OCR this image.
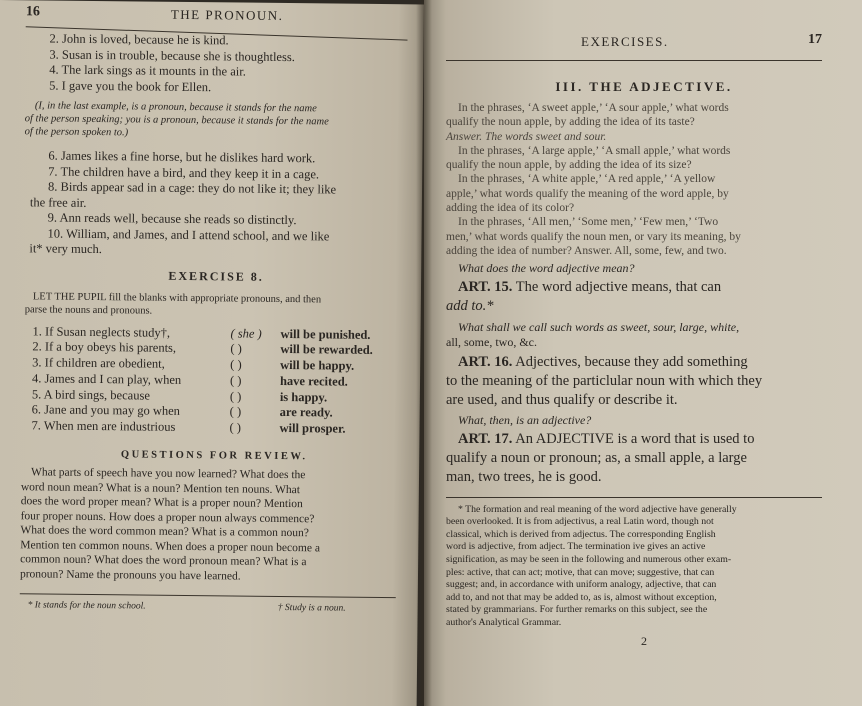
16	THE PRONOUN.
2. John is loved, because he is kind.
3. Susan is in trouble, because she is thoughtless.
4. The lark sings as it mounts in the air.
5. I gave you the book for Ellen.
(I, in the last example, is a pronoun, because it stands for the name
of the person speaking; you is a pronoun, because it stands for the name
of the person spoken to.)
6. James likes a fine horse, but he dislikes hard work.
7. The children have a bird, and they keep it in a cage.
8. Birds appear sad in a cage: they do not like it; they like
the free air.
9. Ann reads well, because she reads so distinctly.
10. William, and James, and I attend school, and we like
it* very much.
EXERCISE 8.
LET THE PUPIL fill the blanks with appropriate pronouns, and then
parse the nouns and pronouns.
1. If Susan neglects study†,	( she )	will be punished.
2. If a boy obeys his parents,	( )	will be rewarded.
3. If children are obedient,	( )	will be happy.
4. James and I can play, when	( )	have recited.
5. A bird sings, because	( )	is happy.
6. Jane and you may go when	( )	are ready.
7. When men are industrious	( )	will prosper.
QUESTIONS FOR REVIEW.
What parts of speech have you now learned? What does the
word noun mean? What is a noun? Mention ten nouns. What
does the word proper mean? What is a proper noun? Mention
four proper nouns. How does a proper noun always commence?
What does the word common mean? What is a common noun?
Mention ten common nouns. When does a proper noun become a
common noun? What does the word pronoun mean? What is a
pronoun? Name the pronouns you have learned.
* It stands for the noun school.	† Study is a noun.
EXERCISES.	17
III. THE ADJECTIVE.
In the phrases, ‘A sweet apple,’ ‘A sour apple,’ what words
qualify the noun apple, by adding the idea of its taste?
Answer. The words sweet and sour.
In the phrases, ‘A large apple,’ ‘A small apple,’ what words
qualify the noun apple, by adding the idea of its size?
In the phrases, ‘A white apple,’ ‘A red apple,’ ‘A yellow
apple,’ what words qualify the meaning of the word apple, by
adding the idea of its color?
In the phrases, ‘All men,’ ‘Some men,’ ‘Few men,’ ‘Two
men,’ what words qualify the noun men, or vary its meaning, by
adding the idea of number? Answer. All, some, few, and two.
What does the word adjective mean?
ART. 15. The word adjective means, that can
add to.*
What shall we call such words as sweet, sour, large, white,
all, some, two, &c.
ART. 16. Adjectives, because they add something
to the meaning of the particlular noun with which they
are used, and thus qualify or describe it.
What, then, is an adjective?
ART. 17. An ADJECTIVE is a word that is used to
qualify a noun or pronoun; as, a small apple, a large
man, two trees, he is good.
* The formation and real meaning of the word adjective have generally
been overlooked. It is from adjectivus, a real Latin word, though not
classical, which is derived from adjectus. The corresponding English
word is adjective, from adject. The termination ive gives an active
signification, as may be seen in the following and numerous other exam-
ples: active, that can act; motive, that can move; suggestive, that can
suggest; and, in accordance with uniform analogy, adjective, that can
add to, and not that may be added to, as is, almost without exception,
stated by grammarians. For further remarks on this subject, see the
author's Analytical Grammar.
2
